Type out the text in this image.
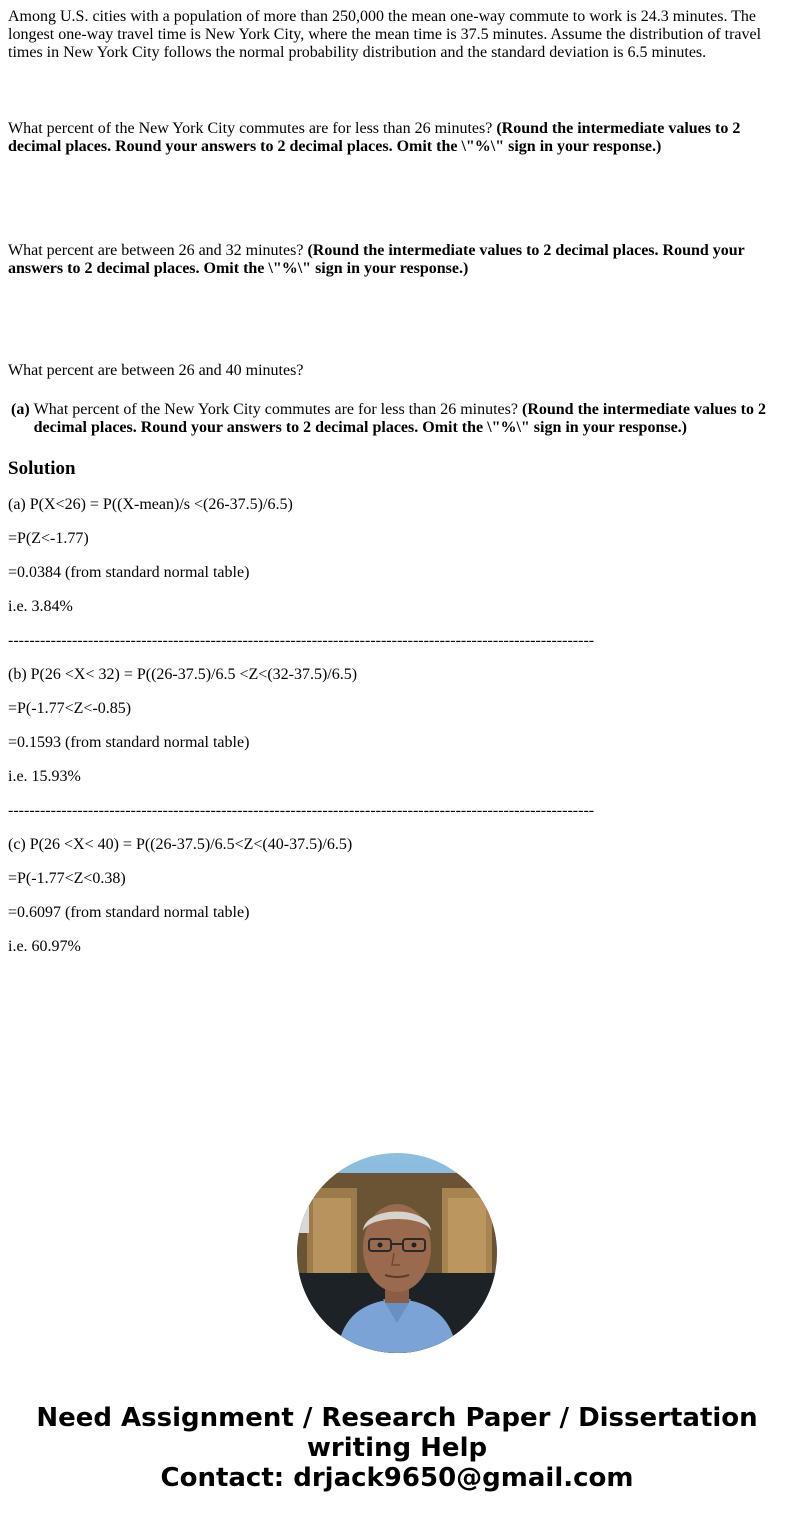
Among U.S. cities with a population of more than 250,000 the mean one-way commute to work is 24.3 minutes. The longest one-way travel time is New York City, where the mean time is 37.5 minutes. Assume the distribution of travel times in New York City follows the normal probability distribution and the standard deviation is 6.5 minutes.

What percent of the New York City commutes are for less than 26 minutes? (Round the intermediate values to 2 decimal places. Round your answers to 2 decimal places. Omit the \"%\" sign in your response.)

What percent are between 26 and 32 minutes? (Round the intermediate values to 2 decimal places. Round your answers to 2 decimal places. Omit the \"%\" sign in your response.)

What percent are between 26 and 40 minutes?

(a)	What percent of the New York City commutes are for less than 26 minutes? (Round the intermediate values to 2 decimal places. Round your answers to 2 decimal places. Omit the \"%\" sign in your response.)
Solution

(a) P(X<26) = P((X-mean)/s <(26-37.5)/6.5)

=P(Z<-1.77)

=0.0384 (from standard normal table)

i.e. 3.84%

--------------------------------------------------------------------------------------------------------------

(b) P(26 <X< 32) = P((26-37.5)/6.5 <Z<(32-37.5)/6.5)

=P(-1.77<Z<-0.85)

=0.1593 (from standard normal table)

i.e. 15.93%

--------------------------------------------------------------------------------------------------------------

(c) P(26 <X< 40) = P((26-37.5)/6.5<Z<(40-37.5)/6.5)

=P(-1.77<Z<0.38)

=0.6097 (from standard normal table)

i.e. 60.97%

Need Assignment / Research Paper / Dissertation
writing Help
Contact: drjack9650@gmail.com
